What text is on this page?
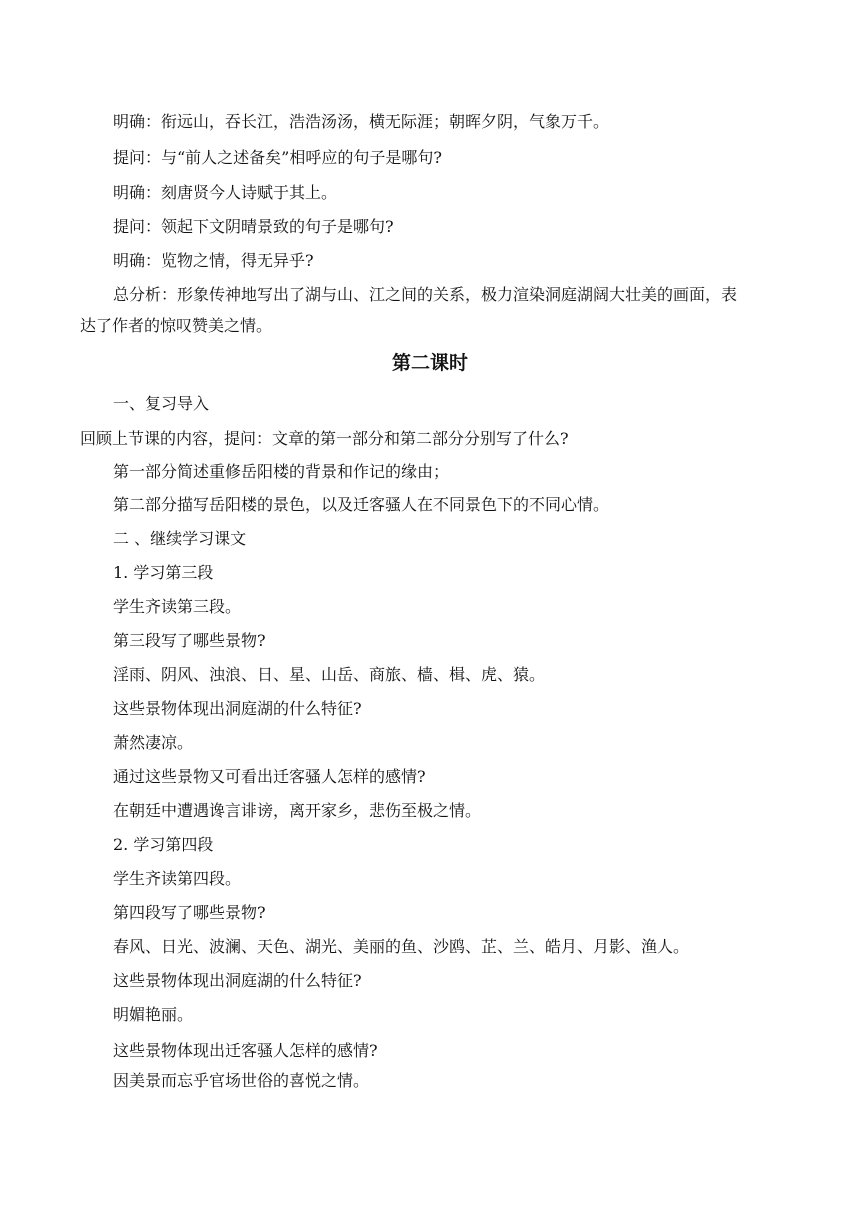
明确：衔远山，吞长江，浩浩汤汤，横无际涯；朝晖夕阴，气象万千。

提问：与“前人之述备矣”相呼应的句子是哪句?

明确：刻唐贤今人诗赋于其上。

提问：领起下文阴晴景致的句子是哪句?

明确：览物之情，得无异乎?

总分析：形象传神地写出了湖与山、江之间的关系，极力渲染洞庭湖阔大壮美的画面，表

达了作者的惊叹赞美之情。

第二课时

一、复习导入

回顾上节课的内容，提问：文章的第一部分和第二部分分别写了什么?

第一部分简述重修岳阳楼的背景和作记的缘由；

第二部分描写岳阳楼的景色，以及迁客骚人在不同景色下的不同心情。

二 、继续学习课文

1. 学习第三段

学生齐读第三段。

第三段写了哪些景物?

淫雨、阴风、浊浪、日、星、山岳、商旅、樯、楫、虎、猿。

这些景物体现出洞庭湖的什么特征?

萧然凄凉。

通过这些景物又可看出迁客骚人怎样的感情?

在朝廷中遭遇谗言诽谤，离开家乡，悲伤至极之情。

2. 学习第四段

学生齐读第四段。

第四段写了哪些景物?

春风、日光、波澜、天色、湖光、美丽的鱼、沙鸥、芷、兰、皓月、月影、渔人。

这些景物体现出洞庭湖的什么特征?

明媚艳丽。

这些景物体现出迁客骚人怎样的感情?

因美景而忘乎官场世俗的喜悦之情。
